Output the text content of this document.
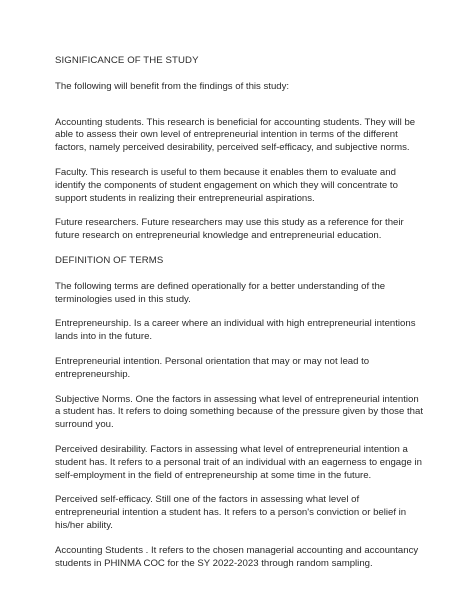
SIGNIFICANCE OF THE STUDY
The following will benefit from the findings of this study:
Accounting students. This research is beneficial for accounting students. They will be able to assess their own level of entrepreneurial intention in terms of the different factors, namely perceived desirability, perceived self-efficacy, and subjective norms.
Faculty. This research is useful to them because it enables them to evaluate and identify the components of student engagement on which they will concentrate to support students in realizing their entrepreneurial aspirations.
Future researchers. Future researchers may use this study as a reference for their future research on entrepreneurial knowledge and entrepreneurial education.
DEFINITION OF TERMS
The following terms are defined operationally for a better understanding of the terminologies used in this study.
Entrepreneurship. Is a career where an individual with high entrepreneurial intentions lands into in the future.
Entrepreneurial intention. Personal orientation that may or may not lead to entrepreneurship.
Subjective Norms. One the factors in assessing what level of entrepreneurial intention a student has. It refers to doing something because of the pressure given by those that surround you.
Perceived desirability. Factors in assessing what level of entrepreneurial intention a student has. It refers to a personal trait of an individual with an eagerness to engage in self-employment in the field of entrepreneurship at some time in the future.
Perceived self-efficacy. Still one of the factors in assessing what level of entrepreneurial intention a student has. It refers to a person's conviction or belief in his/her ability.
Accounting Students . It refers to the chosen managerial accounting and accountancy students in PHINMA COC for the SY 2022-2023 through random sampling.
